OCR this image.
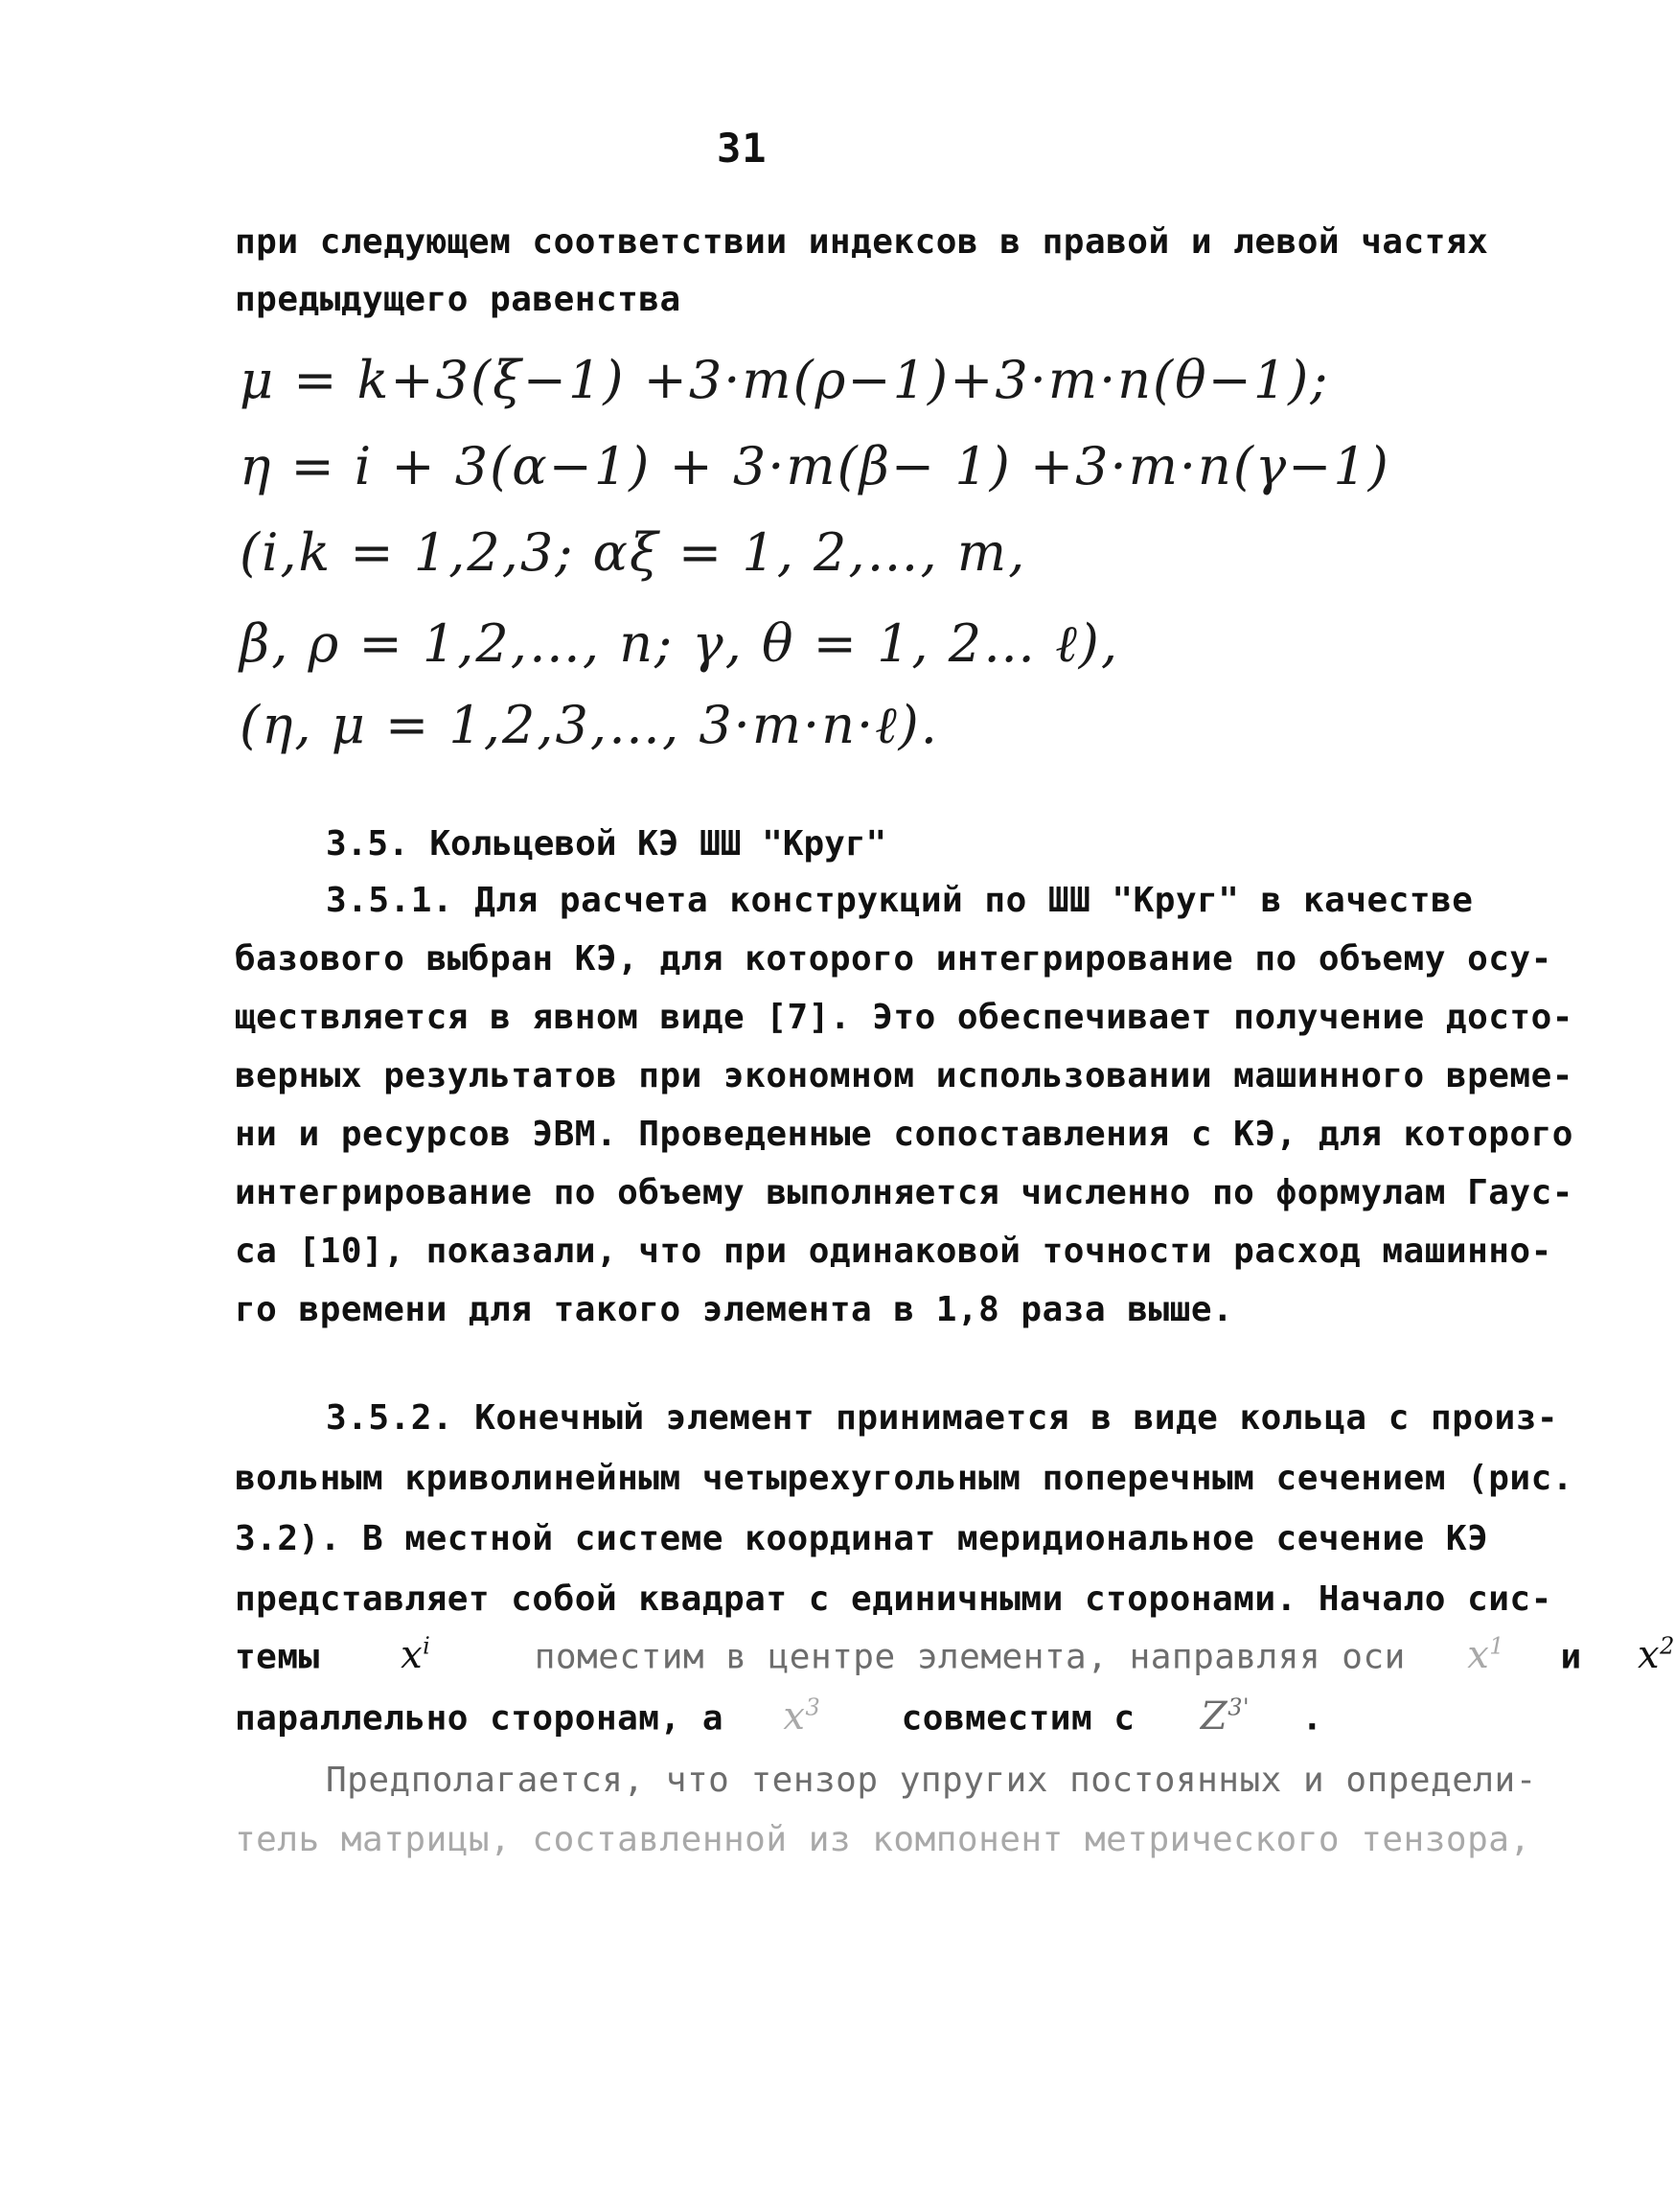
31
при следующем соответствии индексов в правой и левой частях
предыдущего равенства
μ = k+3(ξ−1) +3·m(ρ−1)+3·m·n(θ−1);
η = i + 3(α−1) + 3·m(β− 1) +3·m·n(γ−1)
(i,k = 1,2,3; αξ = 1, 2,…, m,
β, ρ = 1,2,…, n; γ, θ = 1, 2… ℓ),
(η, μ = 1,2,3,…, 3·m·n·ℓ).
3.5. Кольцевой КЭ ШШ "Круг"
3.5.1. Для расчета конструкций по ШШ "Круг" в качестве
базового выбран КЭ, для которого интегрирование по объему осу-
ществляется в явном виде [7]. Это обеспечивает получение досто-
верных результатов при экономном использовании машинного време-
ни и ресурсов ЭВМ. Проведенные сопоставления с КЭ, для которого
интегрирование по объему выполняется численно по формулам Гаус-
са [10], показали, что при одинаковой точности расход машинно-
го времени для такого элемента в 1,8 раза выше.
3.5.2. Конечный элемент принимается в виде кольца с произ-
вольным криволинейным четырехугольным поперечным сечением (рис.
3.2). В местной системе координат меридиональное сечение КЭ
представляет собой квадрат с единичными сторонами. Начало сис-
темы $x^i$	поместим в центре элемента, направляя оси $x^1$ и $x^2$
параллельно сторонам, а $x^3$ совместим с $Z^{3'}$ .
Предполагается, что тензор упругих постоянных и определи-
тель матрицы, составленной из компонент метрического тензора,
